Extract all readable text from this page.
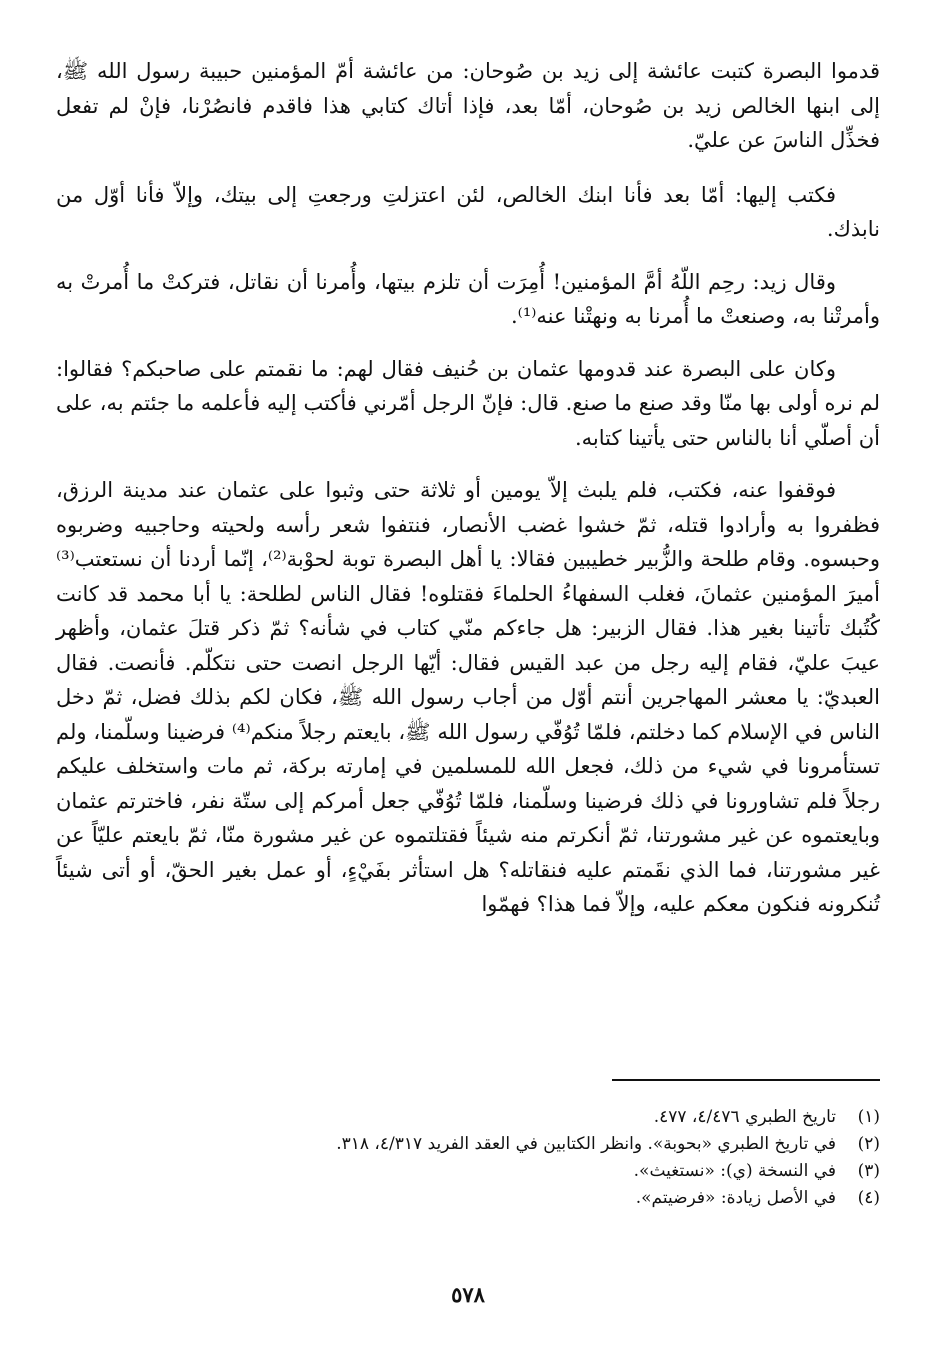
قدموا البصرة كتبت عائشة إلى زيد بن صُوحان: من عائشة أمّ المؤمنين حبيبة رسول الله ﷺ، إلى ابنها الخالص زيد بن صُوحان، أمّا بعد، فإذا أتاك كتابي هذا فاقدم فانصُرْنا، فإنْ لم تفعل فخذِّل الناسَ عن عليّ.

فكتب إليها: أمّا بعد فأنا ابنك الخالص، لئن اعتزلتِ ورجعتِ إلى بيتك، وإلاّ فأنا أوّل من نابذك.

وقال زيد: رحِم اللّهُ أمَّ المؤمنين! أُمِرَت أن تلزم بيتها، وأُمرنا أن نقاتل، فتركتْ ما أُمرتْ به وأمرتْنا به، وصنعتْ ما أُمرنا به ونهتْنا عنه⁽¹⁾.

وكان على البصرة عند قدومها عثمان بن حُنيف فقال لهم: ما نقمتم على صاحبكم؟ فقالوا: لم نره أولى بها منّا وقد صنع ما صنع. قال: فإنّ الرجل أمّرني فأكتب إليه فأعلمه ما جئتم به، على أن أصلّي أنا بالناس حتى يأتينا كتابه.

فوقفوا عنه، فكتب، فلم يلبث إلاّ يومين أو ثلاثة حتى وثبوا على عثمان عند مدينة الرزق، فظفروا به وأرادوا قتله، ثمّ خشوا غضب الأنصار، فنتفوا شعر رأسه ولحيته وحاجبيه وضربوه وحبسوه. وقام طلحة والزُّبير خطيبين فقالا: يا أهل البصرة توبة لحوْبة⁽²⁾، إنّما أردنا أن نستعتب⁽³⁾ أميرَ المؤمنين عثمانَ، فغلب السفهاءُ الحلماءَ فقتلوه! فقال الناس لطلحة: يا أبا محمد قد كانت كُتُبك تأتينا بغير هذا. فقال الزبير: هل جاءكم منّي كتاب في شأنه؟ ثمّ ذكر قتلَ عثمان، وأظهر عيبَ عليّ، فقام إليه رجل من عبد القيس فقال: أيّها الرجل انصت حتى نتكلّم. فأنصت. فقال العبديّ: يا معشر المهاجرين أنتم أوّل من أجاب رسول الله ﷺ، فكان لكم بذلك فضل، ثمّ دخل الناس في الإسلام كما دخلتم، فلمّا تُوُفّي رسول الله ﷺ، بايعتم رجلاً منكم⁽⁴⁾ فرضينا وسلّمنا، ولم تستأمرونا في شيء من ذلك، فجعل الله للمسلمين في إمارته بركة، ثم مات واستخلف عليكم رجلاً فلم تشاورونا في ذلك فرضينا وسلّمنا، فلمّا تُوُفّي جعل أمركم إلى ستّة نفر، فاخترتم عثمان وبايعتموه عن غير مشورتنا، ثمّ أنكرتم منه شيئاً فقتلتموه عن غير مشورة منّا، ثمّ بايعتم عليّاً عن غير مشورتنا، فما الذي نقَمتم عليه فنقاتله؟ هل استأثر بفَيْءٍ، أو عمل بغير الحقّ، أو أتى شيئاً تُنكرونه فنكون معكم عليه، وإلاّ فما هذا؟ فهمّوا

(١)
تاريخ الطبري ٤/٤٧٦، ٤٧٧.
(٢)
في تاريخ الطبري «بحوبة». وانظر الكتابين في العقد الفريد ٤/٣١٧، ٣١٨.
(٣)
في النسخة (ي): «نستغيث».
(٤)
في الأصل زيادة: «فرضيتم».
٥٧٨
